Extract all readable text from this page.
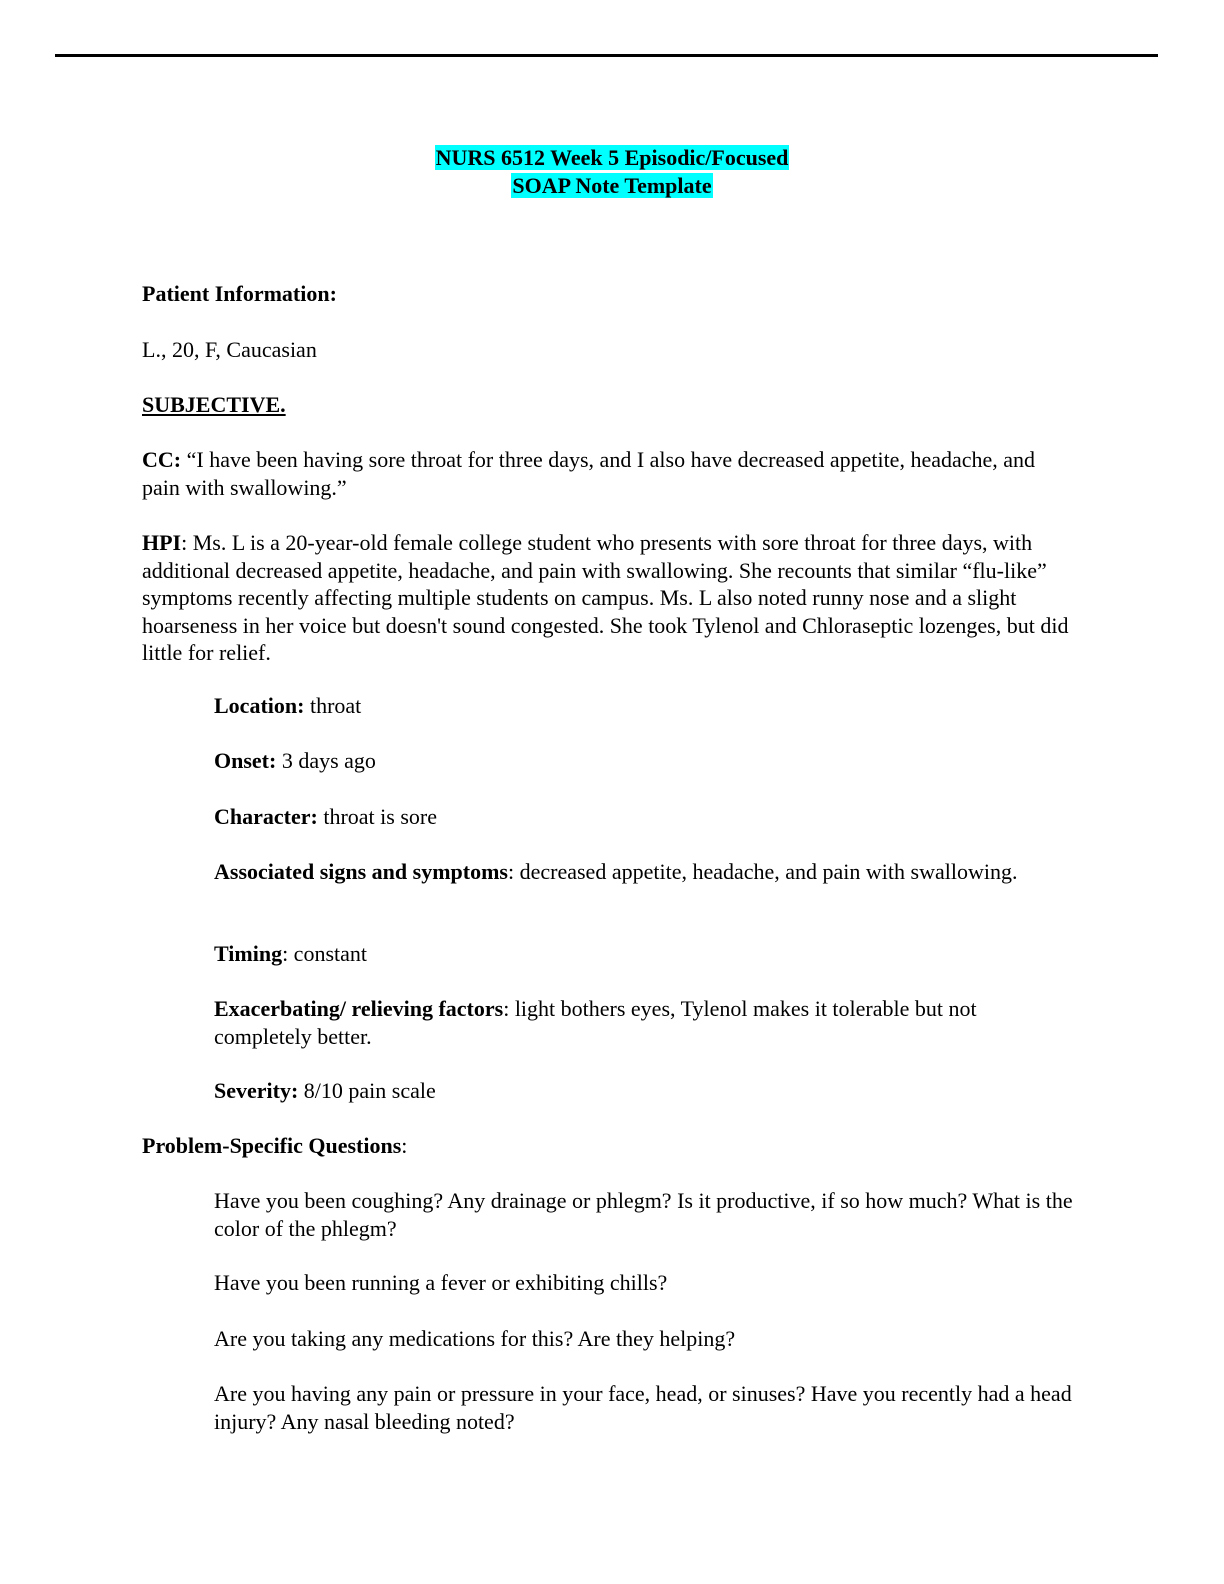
NURS 6512 Week 5 Episodic/Focused
SOAP Note Template

Patient Information:

L., 20, F, Caucasian

SUBJECTIVE.

CC: “I have been having sore throat for three days, and I also have decreased appetite, headache, and pain with swallowing.”

HPI: Ms. L is a 20-year-old female college student who presents with sore throat for three days, with additional decreased appetite, headache, and pain with swallowing. She recounts that similar “flu-like” symptoms recently affecting multiple students on campus. Ms. L also noted runny nose and a slight hoarseness in her voice but doesn't sound congested. She took Tylenol and Chloraseptic lozenges, but did little for relief.

Location: throat

Onset: 3 days ago

Character: throat is sore

Associated signs and symptoms: decreased appetite, headache, and pain with swallowing.

Timing: constant

Exacerbating/ relieving factors: light bothers eyes, Tylenol makes it tolerable but not completely better.

Severity: 8/10 pain scale

Problem-Specific Questions:

Have you been coughing? Any drainage or phlegm? Is it productive, if so how much? What is the color of the phlegm?

Have you been running a fever or exhibiting chills?

Are you taking any medications for this? Are they helping?

Are you having any pain or pressure in your face, head, or sinuses? Have you recently had a head injury? Any nasal bleeding noted?
